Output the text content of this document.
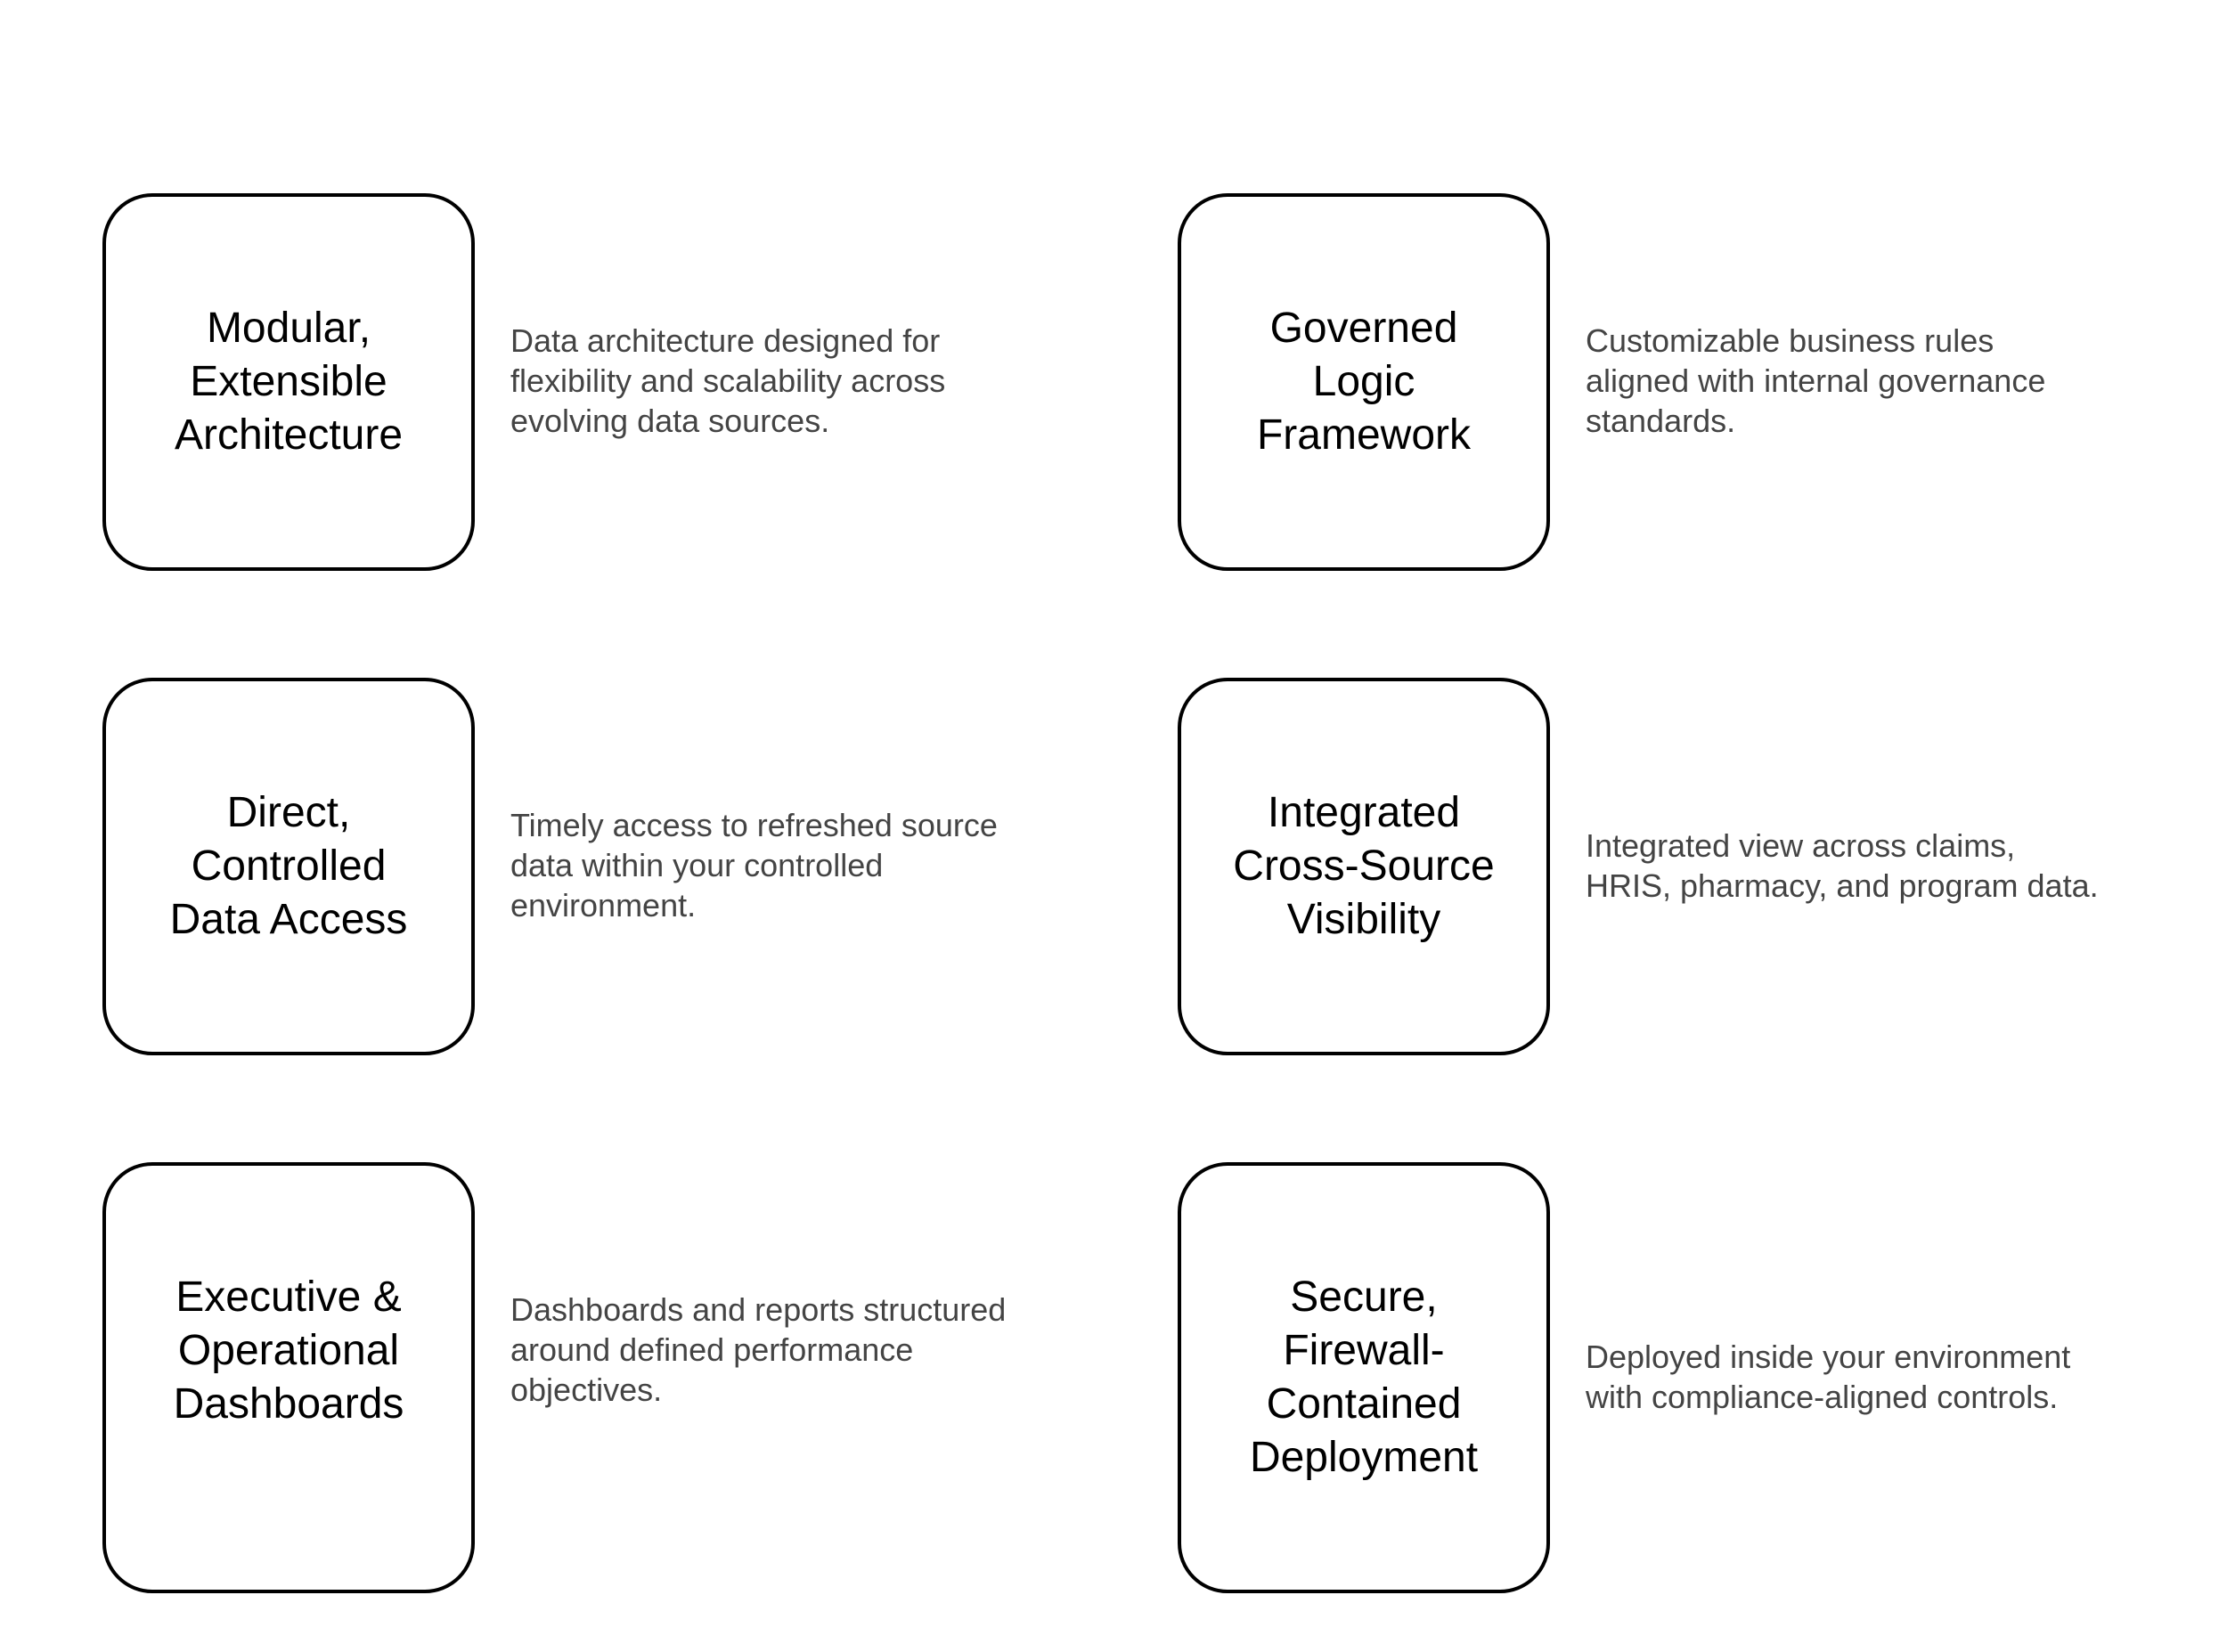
Modular,
Extensible
Architecture
Data architecture designed for
flexibility and scalability across
evolving data sources.
Governed
Logic
Framework
Customizable business rules
aligned with internal governance
standards.
Direct,
Controlled
Data Access
Timely access to refreshed source
data within your controlled
environment.
Integrated
Cross-Source
Visibility
Integrated view across claims,
HRIS, pharmacy, and program data.
Executive &
Operational
Dashboards
Dashboards and reports structured
around defined performance
objectives.
Secure,
Firewall-
Contained
Deployment
Deployed inside your environment
with compliance-aligned controls.
